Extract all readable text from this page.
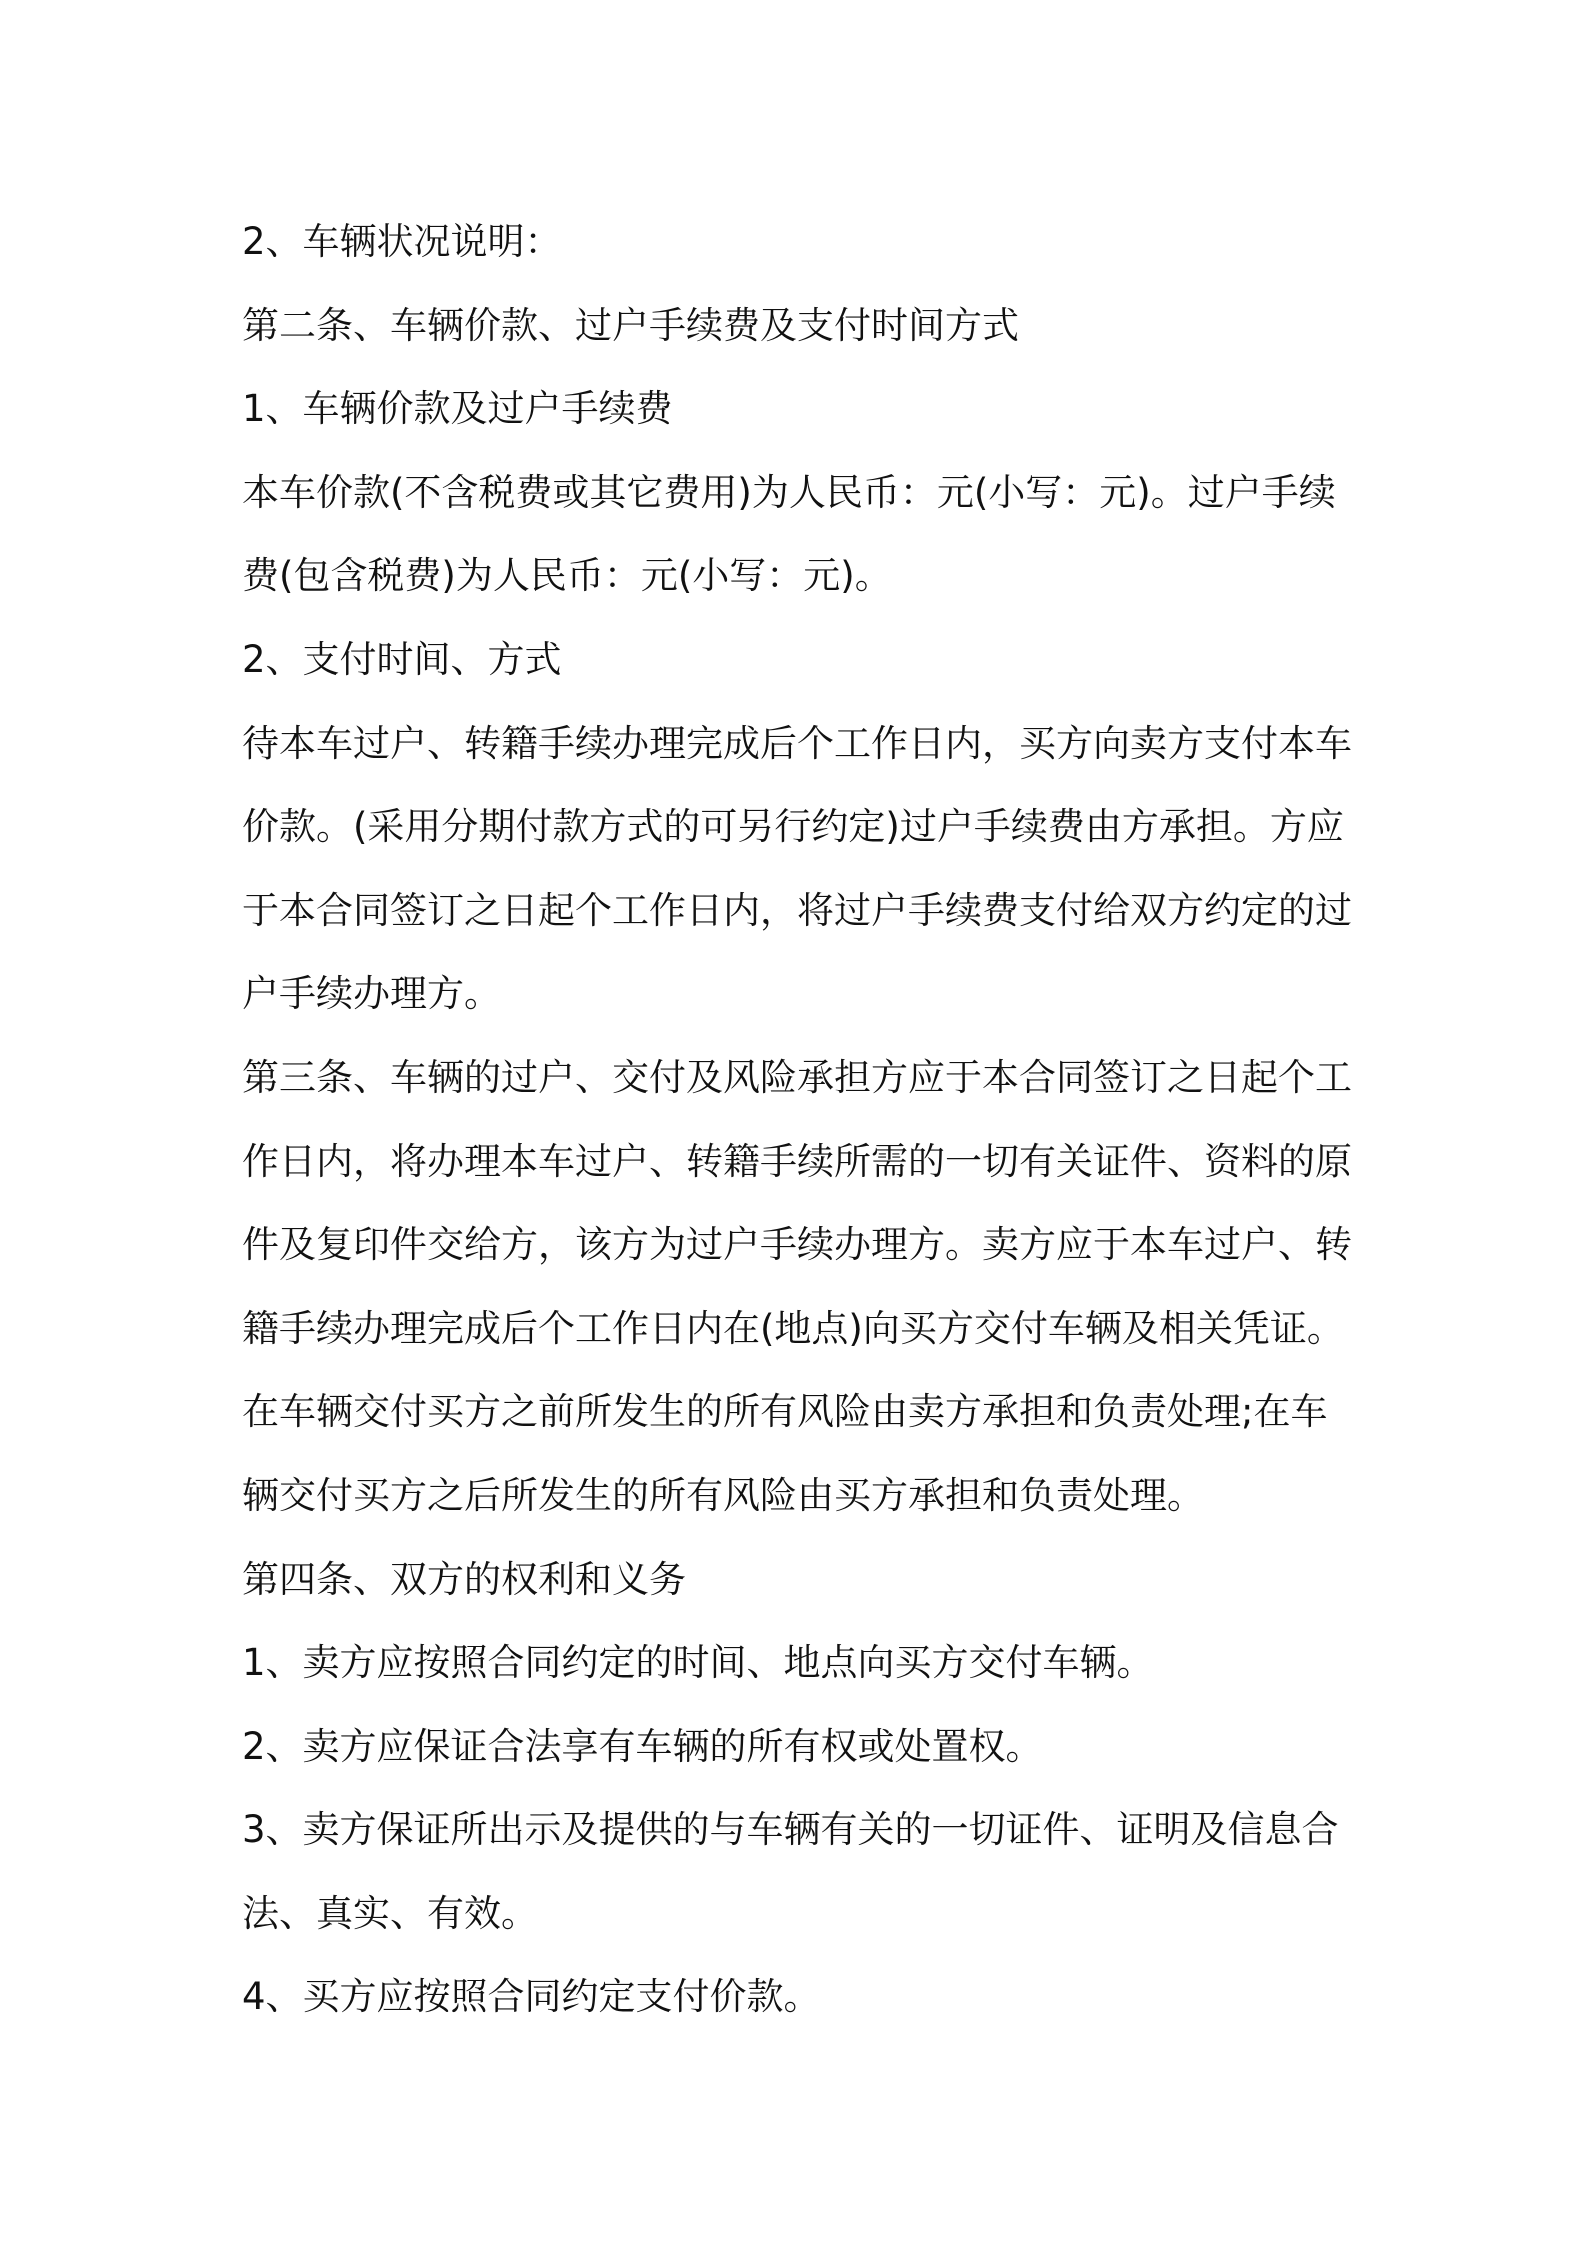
2、车辆状况说明：
第二条、车辆价款、过户手续费及支付时间方式
1、车辆价款及过户手续费
本车价款(不含税费或其它费用)为人民币：元(小写：元)。过户手续
费(包含税费)为人民币：元(小写：元)。
2、支付时间、方式
待本车过户、转籍手续办理完成后个工作日内，买方向卖方支付本车
价款。(采用分期付款方式的可另行约定)过户手续费由方承担。方应
于本合同签订之日起个工作日内，将过户手续费支付给双方约定的过
户手续办理方。
第三条、车辆的过户、交付及风险承担方应于本合同签订之日起个工
作日内，将办理本车过户、转籍手续所需的一切有关证件、资料的原
件及复印件交给方，该方为过户手续办理方。卖方应于本车过户、转
籍手续办理完成后个工作日内在(地点)向买方交付车辆及相关凭证。
在车辆交付买方之前所发生的所有风险由卖方承担和负责处理;在车
辆交付买方之后所发生的所有风险由买方承担和负责处理。
第四条、双方的权利和义务
1、卖方应按照合同约定的时间、地点向买方交付车辆。
2、卖方应保证合法享有车辆的所有权或处置权。
3、卖方保证所出示及提供的与车辆有关的一切证件、证明及信息合
法、真实、有效。
4、买方应按照合同约定支付价款。
